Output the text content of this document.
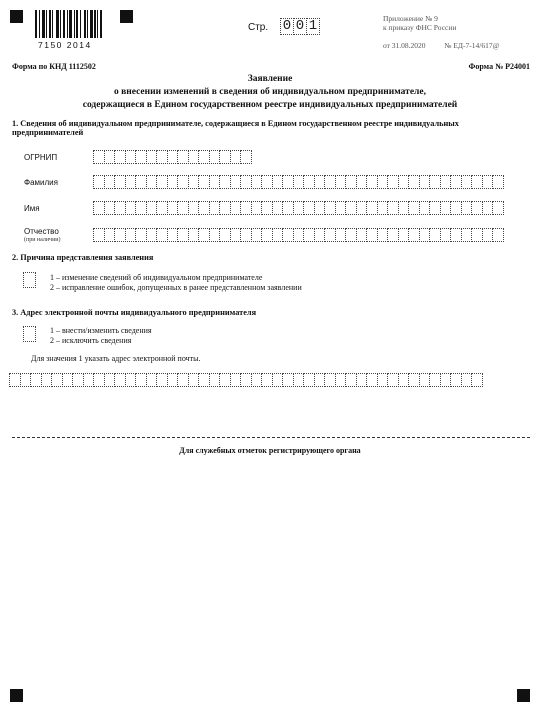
7150 2014
Стр. 0 0 1	Приложение № 9
к приказу ФНС России
от 31.08.2020          № ЕД-7-14/617@
Форма по КНД 1112502	Форма № Р24001
Заявление
о внесении изменений в сведения об индивидуальном предпринимателе,
содержащиеся в Едином государственном реестре индивидуальных предпринимателей
1. Сведения об индивидуальном предпринимателе, содержащиеся в Едином государственном реестре индивидуальных предпринимателей
ОГРНИП
Фамилия
Имя
Отчество
(при наличии)
2. Причина представления заявления
1 – изменение сведений об индивидуальном предпринимателе
2 – исправление ошибок, допущенных в ранее представленном заявлении
3. Адрес электронной почты индивидуального предпринимателя
1 – внести/изменить сведения
2 – исключить сведения
Для значения 1 указать адрес электронной почты.
Для служебных отметок регистрирующего органа
